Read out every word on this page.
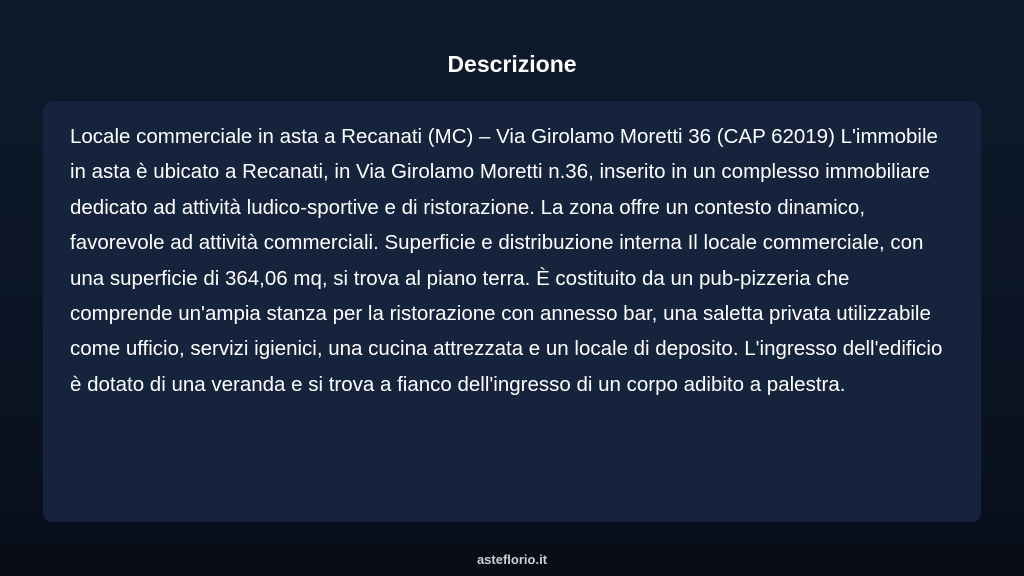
Descrizione

Locale commerciale in asta a Recanati (MC) – Via Girolamo Moretti 36 (CAP 62019) L'immobile in asta è ubicato a Recanati, in Via Girolamo Moretti n.36, inserito in un complesso immobiliare dedicato ad attività ludico-sportive e di ristorazione. La zona offre un contesto dinamico, favorevole ad attività commerciali. Superficie e distribuzione interna Il locale commerciale, con una superficie di 364,06 mq, si trova al piano terra. È costituito da un pub-pizzeria che comprende un'ampia stanza per la ristorazione con annesso bar, una saletta privata utilizzabile come ufficio, servizi igienici, una cucina attrezzata e un locale di deposito. L'ingresso dell'edificio è dotato di una veranda e si trova a fianco dell'ingresso di un corpo adibito a palestra.

asteflorio.it
